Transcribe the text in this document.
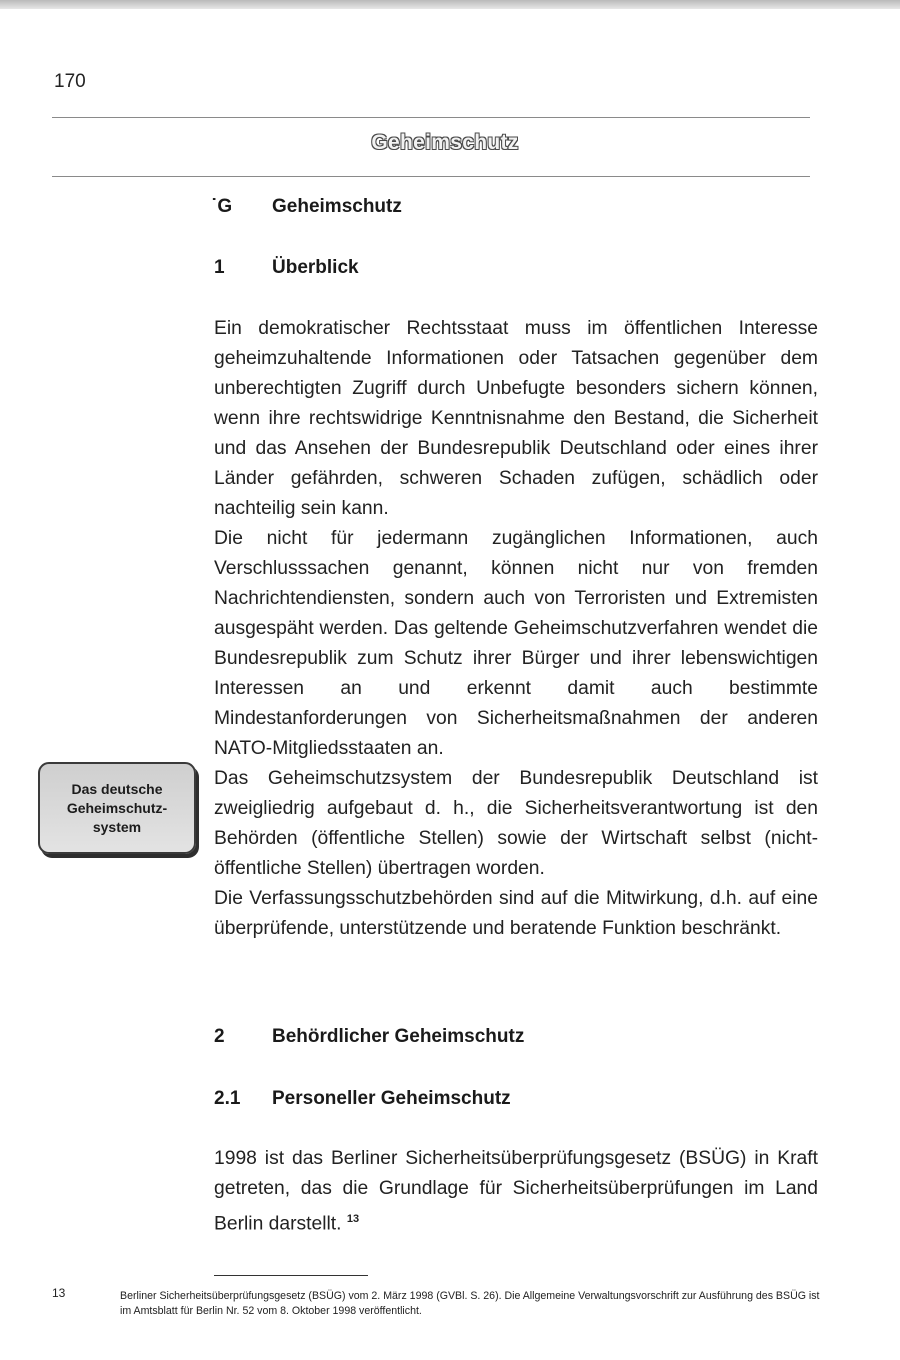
170
Geheimschutz
˙ G Geheimschutz
1 Überblick

Ein demokratischer Rechtsstaat muss im öffentlichen Interesse geheimzuhaltende Informationen oder Tatsachen gegenüber dem unberechtigten Zugriff durch Unbefugte besonders sichern können, wenn ihre rechtswidrige Kenntnisnahme den Bestand, die Sicherheit und das Ansehen der Bundesrepublik Deutschland oder eines ihrer Länder gefährden, schweren Schaden zufügen, schädlich oder nachteilig sein kann.

Die nicht für jedermann zugänglichen Informationen, auch Verschlusssachen genannt, können nicht nur von fremden Nachrichtendiensten, sondern auch von Terroristen und Extremisten ausgespäht werden. Das geltende Geheimschutzverfahren wendet die Bundesrepublik zum Schutz ihrer Bürger und ihrer lebenswichtigen Interessen an und erkennt damit auch bestimmte Mindestanforderungen von Sicherheitsmaßnahmen der anderen NATO-Mitgliedsstaaten an.

Das Geheimschutzsystem der Bundesrepublik Deutschland ist zweigliedrig aufgebaut d. h., die Sicherheitsverantwortung ist den Behörden (öffentliche Stellen) sowie der Wirtschaft selbst (nicht-öffentliche Stellen) übertragen worden.

Die Verfassungsschutzbehörden sind auf die Mitwirkung, d.h. auf eine überprüfende, unterstützende und beratende Funktion beschränkt.

Das deutsche
Geheimschutz-
system
2 Behördlicher Geheimschutz
2.1 Personeller Geheimschutz

1998 ist das Berliner Sicherheitsüberprüfungsgesetz (BSÜG) in Kraft getreten, das die Grundlage für Sicherheitsüberprüfungen im Land Berlin darstellt. $^{13}$

13	Berliner Sicherheitsüberprüfungsgesetz (BSÜG) vom 2. März 1998 (GVBl. S. 26). Die Allgemeine Verwaltungsvorschrift zur Ausführung des BSÜG ist im Amtsblatt für Berlin Nr. 52 vom 8. Oktober 1998 veröffentlicht.
